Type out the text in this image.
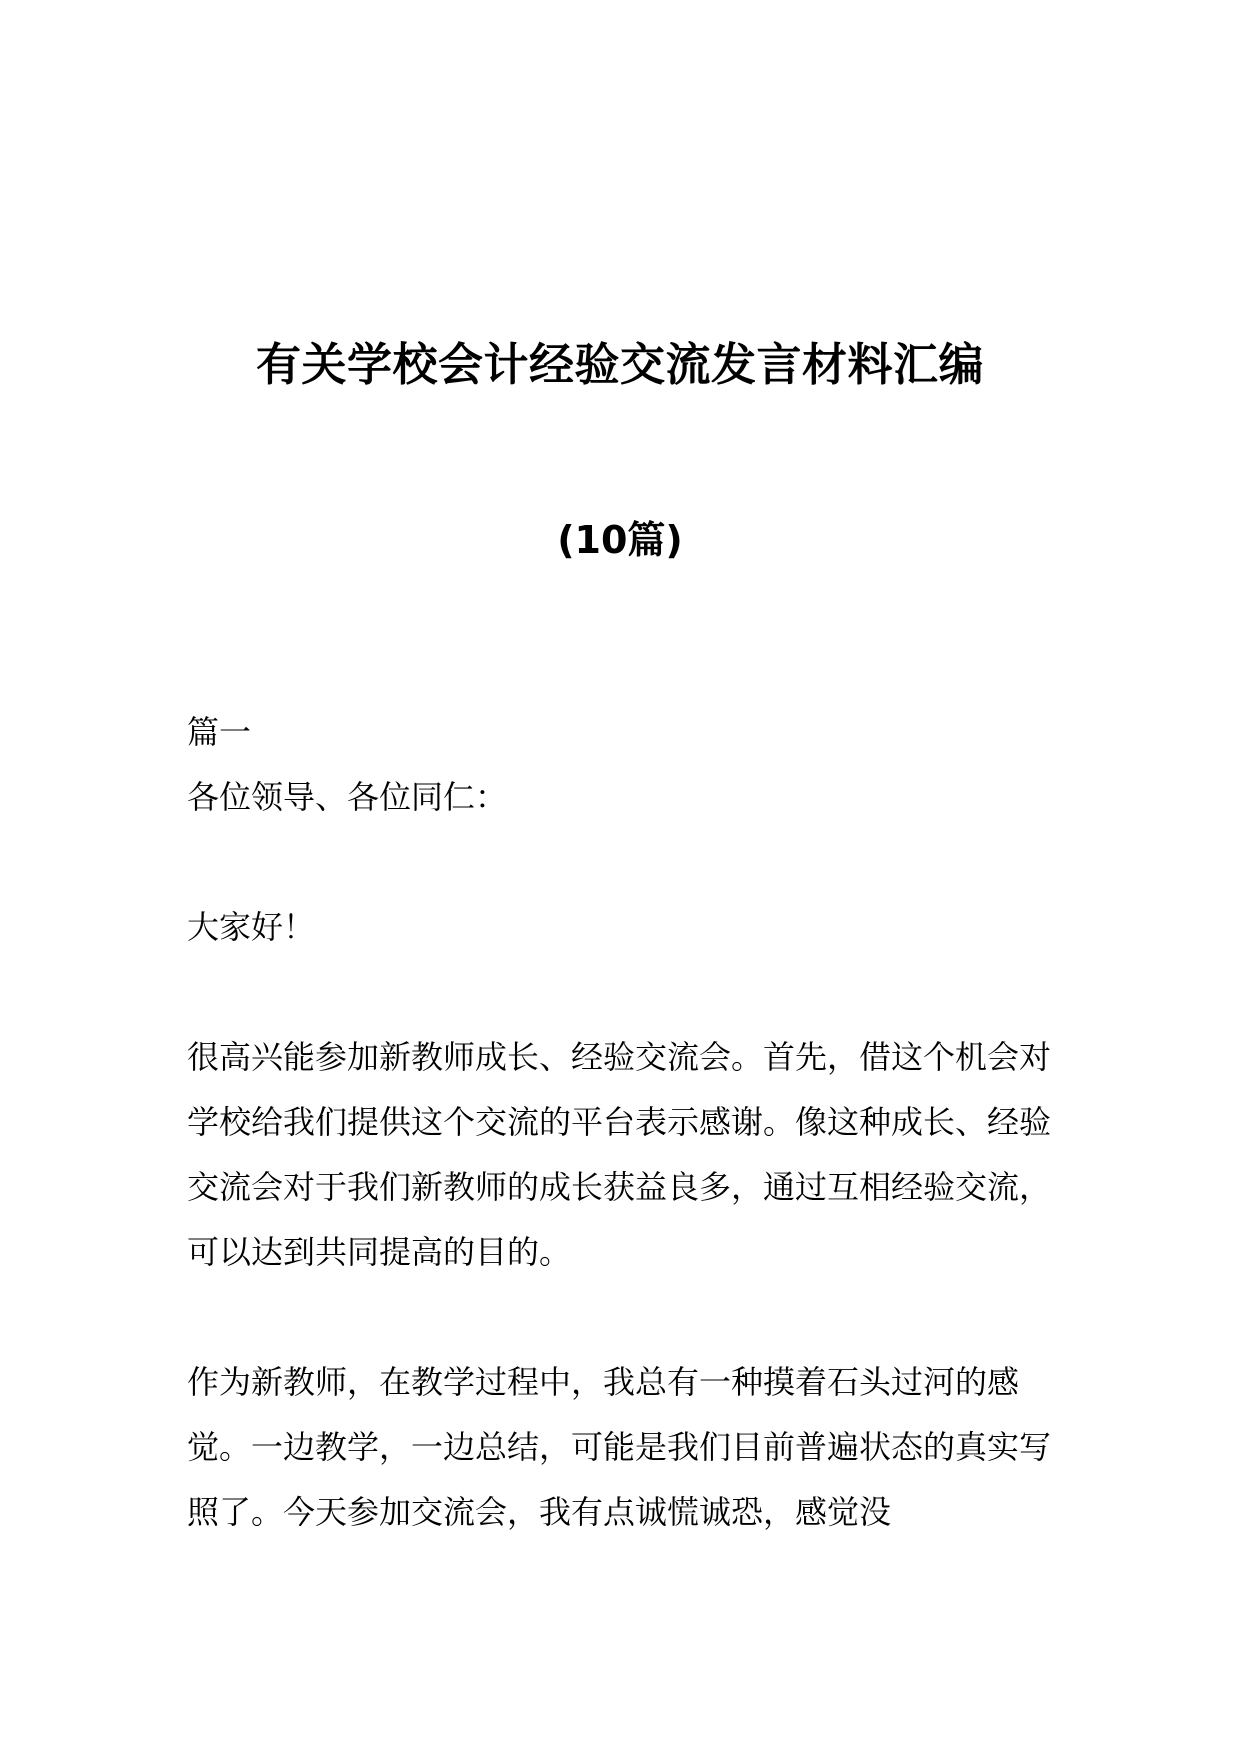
有关学校会计经验交流发言材料汇编
(10篇)
篇一
各位领导、各位同仁：
大家好！

很高兴能参加新教师成长、经验交流会。首先，借这个机会对学校给我们提供这个交流的平台表示感谢。像这种成长、经验交流会对于我们新教师的成长获益良多，通过互相经验交流，可以达到共同提高的目的。

作为新教师，在教学过程中，我总有一种摸着石头过河的感觉。一边教学，一边总结，可能是我们目前普遍状态的真实写照了。今天参加交流会，我有点诚慌诚恐，感觉没
